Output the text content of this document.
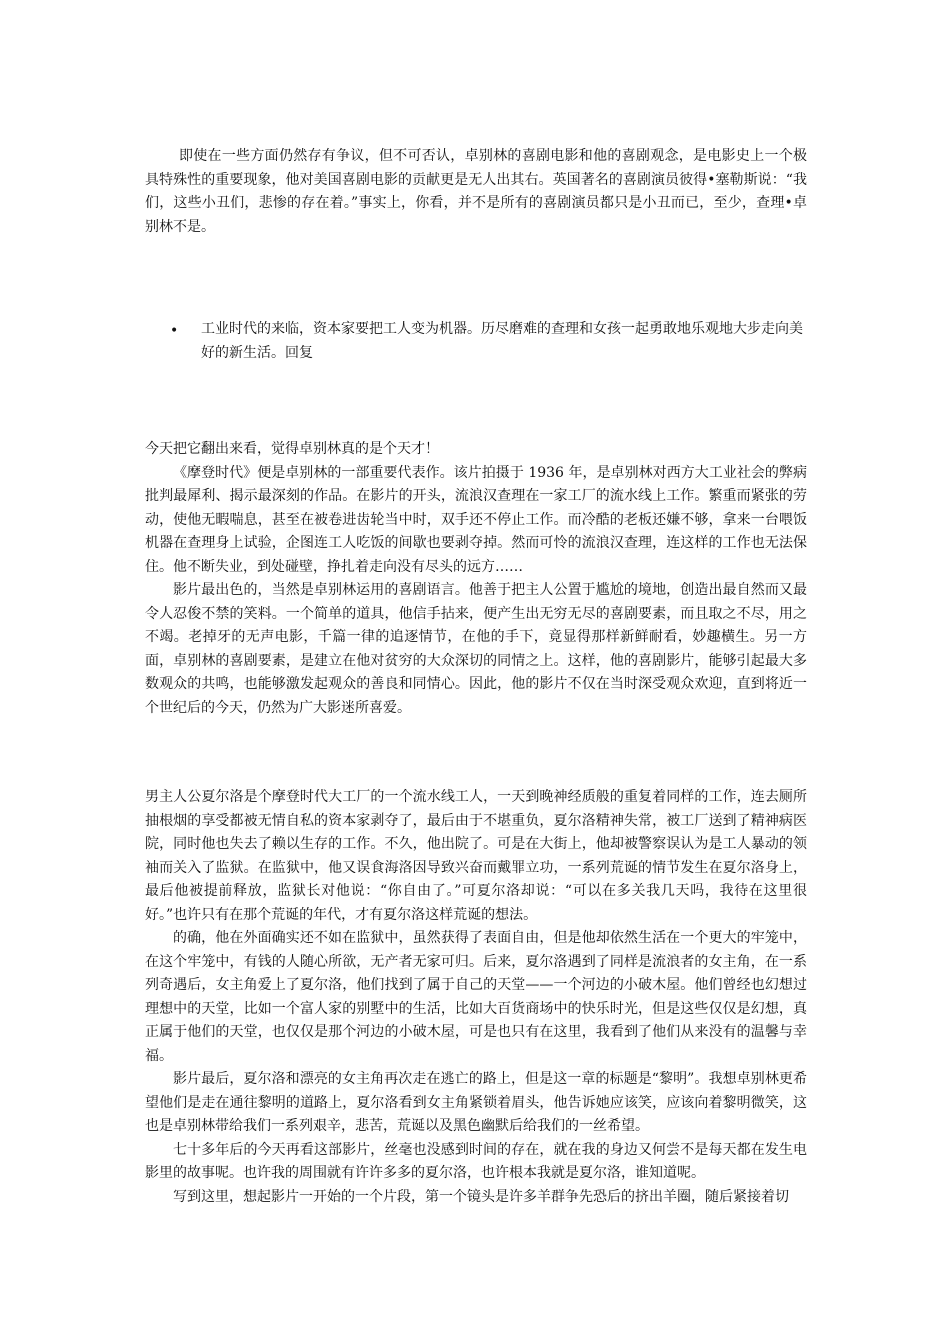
即使在一些方面仍然存有争议，但不可否认，卓别林的喜剧电影和他的喜剧观念，是电影史上一个极具特殊性的重要现象，他对美国喜剧电影的贡献更是无人出其右。英国著名的喜剧演员彼得•塞勒斯说：“我们，这些小丑们，悲惨的存在着。”事实上，你看，并不是所有的喜剧演员都只是小丑而已，至少，查理•卓别林不是。

•	工业时代的来临，资本家要把工人变为机器。历尽磨难的查理和女孩一起勇敢地乐观地大步走向美好的新生活。回复

今天把它翻出来看，觉得卓别林真的是个天才！

《摩登时代》便是卓别林的一部重要代表作。该片拍摄于 1936 年，是卓别林对西方大工业社会的弊病批判最犀利、揭示最深刻的作品。在影片的开头，流浪汉查理在一家工厂的流水线上工作。繁重而紧张的劳动，使他无暇喘息，甚至在被卷进齿轮当中时，双手还不停止工作。而冷酷的老板还嫌不够，拿来一台喂饭机器在查理身上试验，企图连工人吃饭的间歇也要剥夺掉。然而可怜的流浪汉查理，连这样的工作也无法保住。他不断失业，到处碰壁，挣扎着走向没有尽头的远方……

影片最出色的，当然是卓别林运用的喜剧语言。他善于把主人公置于尴尬的境地，创造出最自然而又最令人忍俊不禁的笑料。一个简单的道具，他信手拈来，便产生出无穷无尽的喜剧要素，而且取之不尽，用之不竭。老掉牙的无声电影，千篇一律的追逐情节，在他的手下，竟显得那样新鲜耐看，妙趣横生。另一方面，卓别林的喜剧要素，是建立在他对贫穷的大众深切的同情之上。这样，他的喜剧影片，能够引起最大多数观众的共鸣，也能够激发起观众的善良和同情心。因此，他的影片不仅在当时深受观众欢迎，直到将近一个世纪后的今天，仍然为广大影迷所喜爱。

男主人公夏尔洛是个摩登时代大工厂的一个流水线工人，一天到晚神经质般的重复着同样的工作，连去厕所抽根烟的享受都被无情自私的资本家剥夺了，最后由于不堪重负，夏尔洛精神失常，被工厂送到了精神病医院，同时他也失去了赖以生存的工作。不久，他出院了。可是在大街上，他却被警察误认为是工人暴动的领袖而关入了监狱。在监狱中，他又误食海洛因导致兴奋而戴罪立功，一系列荒诞的情节发生在夏尔洛身上，最后他被提前释放，监狱长对他说：“你自由了。”可夏尔洛却说：“可以在多关我几天吗，我待在这里很好。”也许只有在那个荒诞的年代，才有夏尔洛这样荒诞的想法。

的确，他在外面确实还不如在监狱中，虽然获得了表面自由，但是他却依然生活在一个更大的牢笼中，在这个牢笼中，有钱的人随心所欲，无产者无家可归。后来，夏尔洛遇到了同样是流浪者的女主角，在一系列奇遇后，女主角爱上了夏尔洛，他们找到了属于自己的天堂——一个河边的小破木屋。他们曾经也幻想过理想中的天堂，比如一个富人家的别墅中的生活，比如大百货商场中的快乐时光，但是这些仅仅是幻想，真正属于他们的天堂，也仅仅是那个河边的小破木屋，可是也只有在这里，我看到了他们从来没有的温馨与幸福。

影片最后，夏尔洛和漂亮的女主角再次走在逃亡的路上，但是这一章的标题是“黎明”。我想卓别林更希望他们是走在通往黎明的道路上，夏尔洛看到女主角紧锁着眉头，他告诉她应该笑，应该向着黎明微笑，这也是卓别林带给我们一系列艰辛，悲苦，荒诞以及黑色幽默后给我们的一丝希望。

七十多年后的今天再看这部影片，丝毫也没感到时间的存在，就在我的身边又何尝不是每天都在发生电影里的故事呢。也许我的周围就有许许多多的夏尔洛，也许根本我就是夏尔洛，谁知道呢。

写到这里，想起影片一开始的一个片段，第一个镜头是许多羊群争先恐后的挤出羊圈，随后紧接着切
